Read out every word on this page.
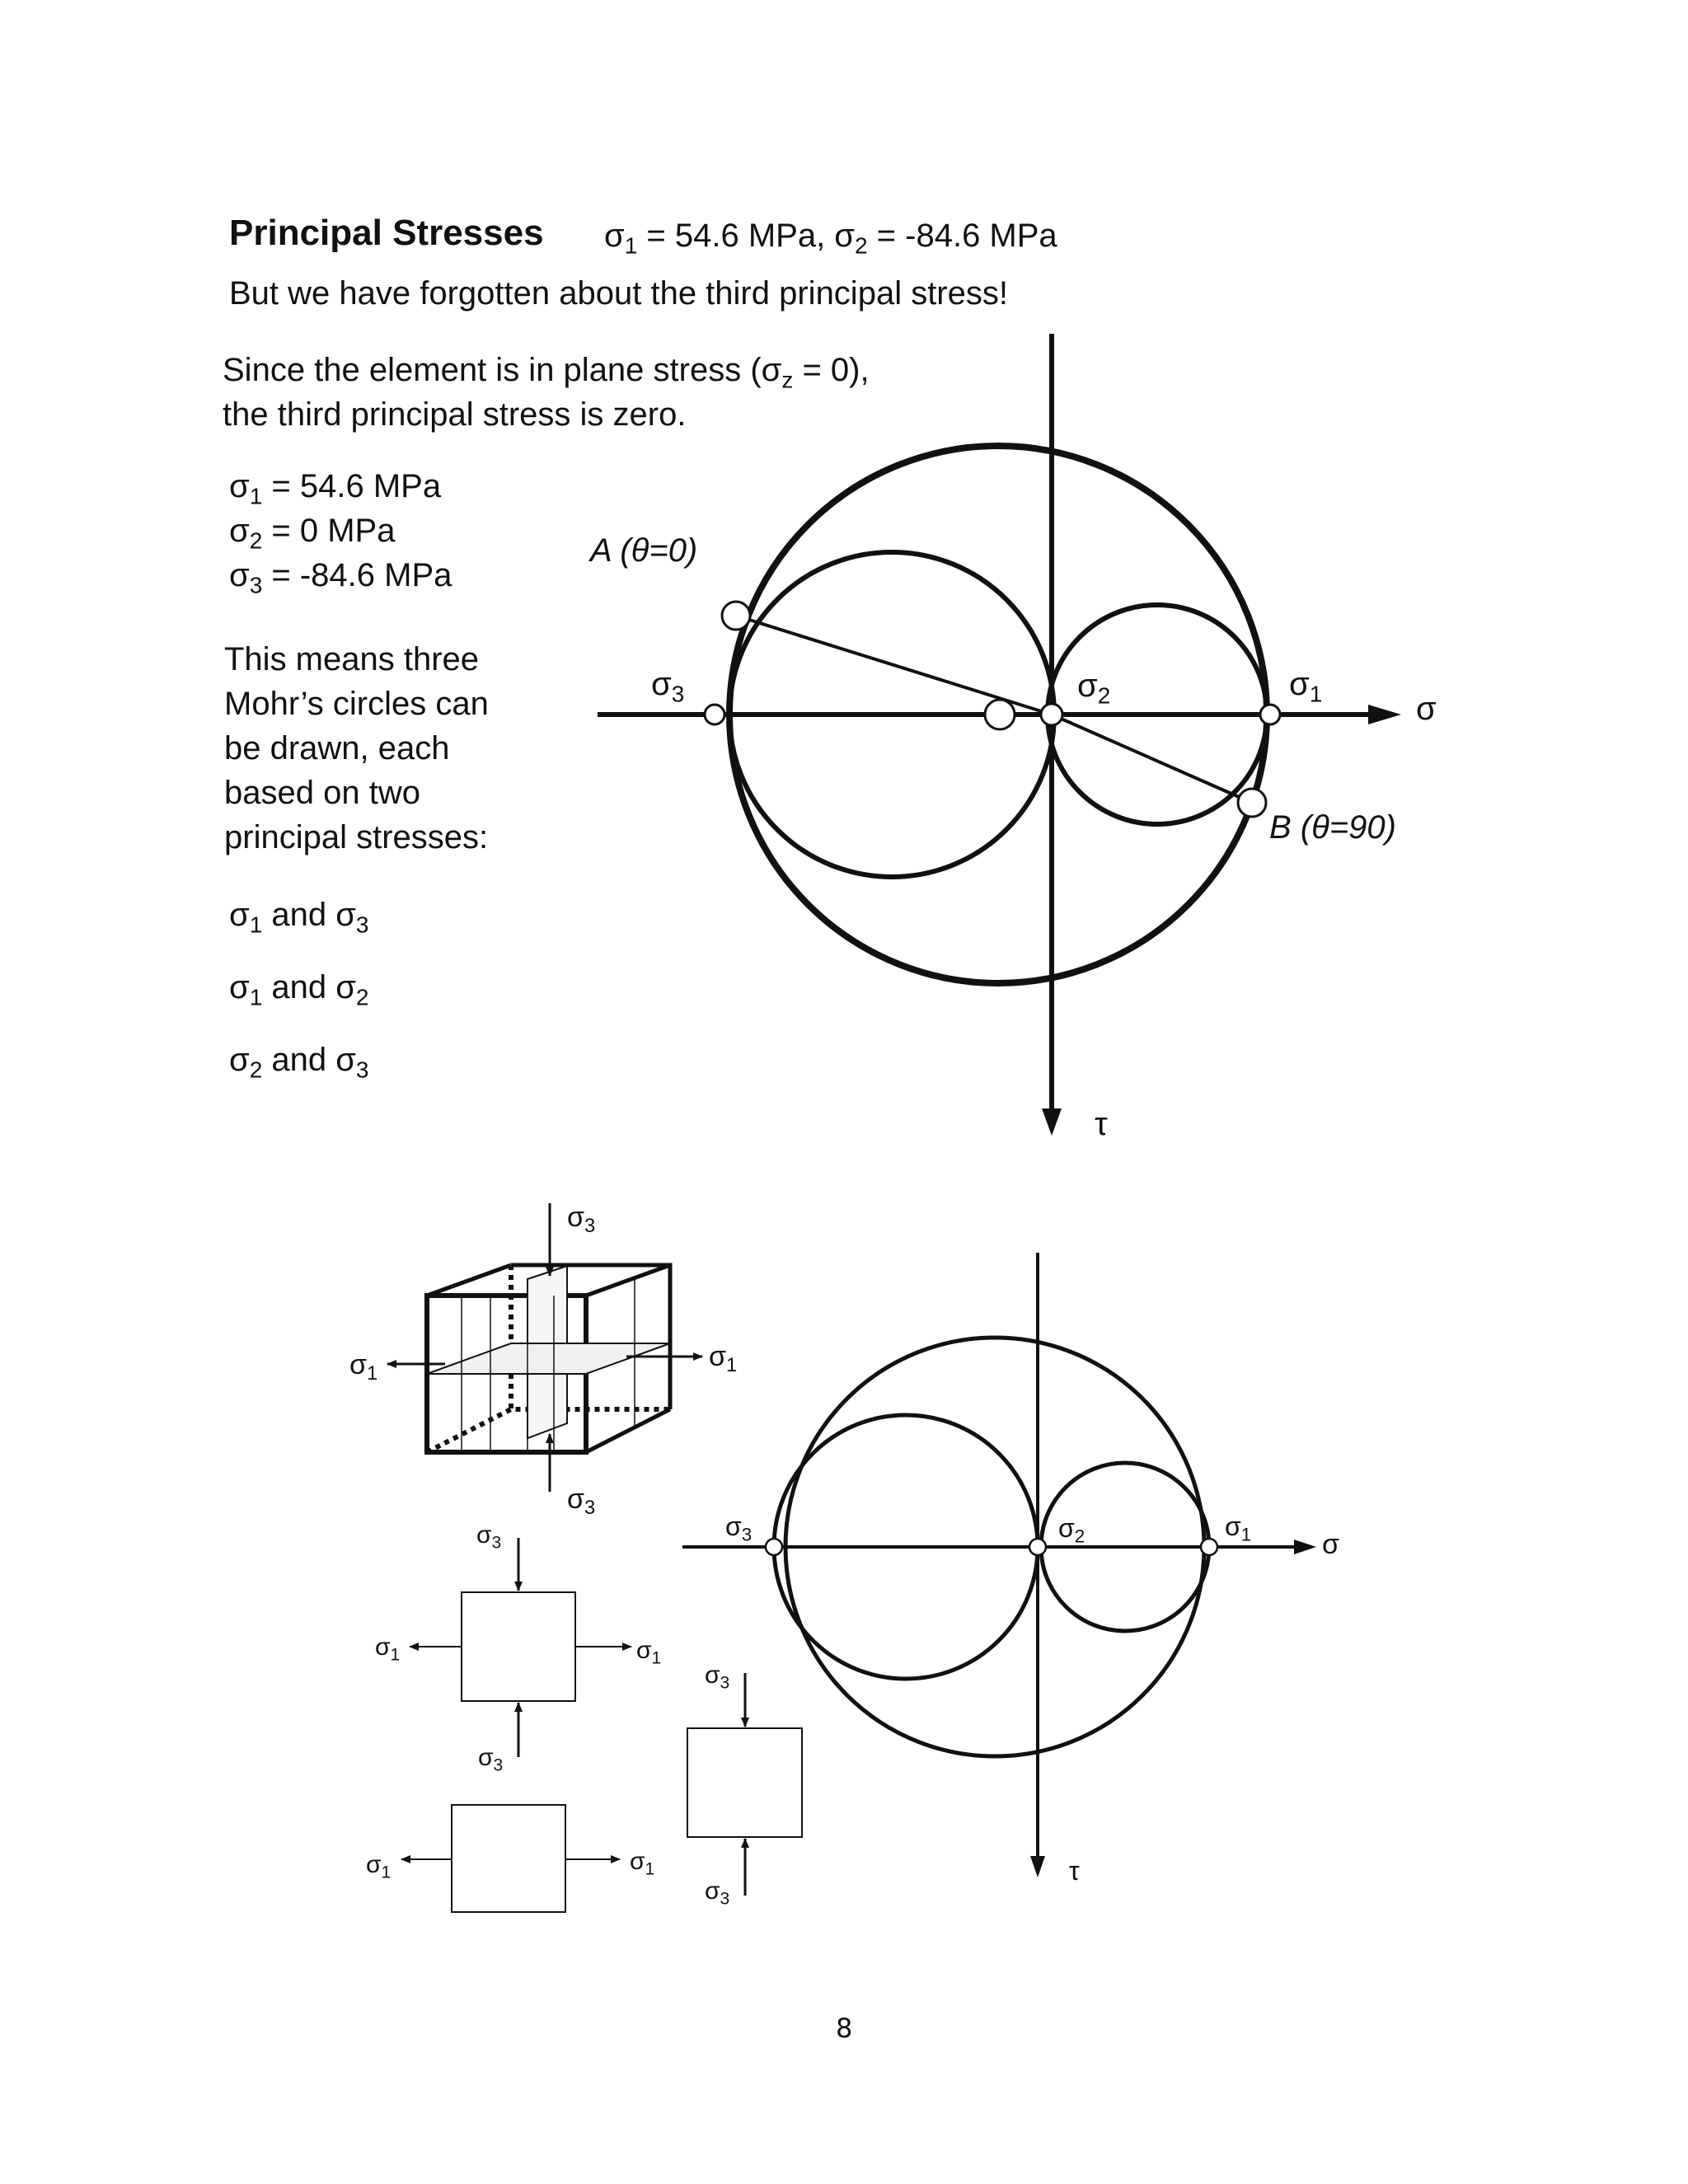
Principal Stresses $\sigma_1 = 54.6$ MPa, $\sigma_2 = -84.6$ MPa
But we have forgotten about the third principal stress!
Since the element is in plane stress $(\sigma_z = 0)$,
the third principal stress is zero.
$\sigma_1 = 54.6$ MPa
$\sigma_2 = 0$ MPa
$\sigma_3 = -84.6$ MPa
This means three
Mohr’s circles can
be drawn, each
based on two
principal stresses:
$\sigma_1$ and $\sigma_3$
$\sigma_1$ and $\sigma_2$
$\sigma_2$ and $\sigma_3$
A (θ=0)
B (θ=90)
$\sigma_3$	$\sigma_2$	$\sigma_1$	σ
τ
$\sigma_3$
$\sigma_3$
$\sigma_1$
$\sigma_1$
$\sigma_3$
$\sigma_3$
$\sigma_1$	$\sigma_1$
$\sigma_1$	$\sigma_1$
$\sigma_3$
$\sigma_3$
$\sigma_3$	$\sigma_2$	$\sigma_1$	σ
τ
8
